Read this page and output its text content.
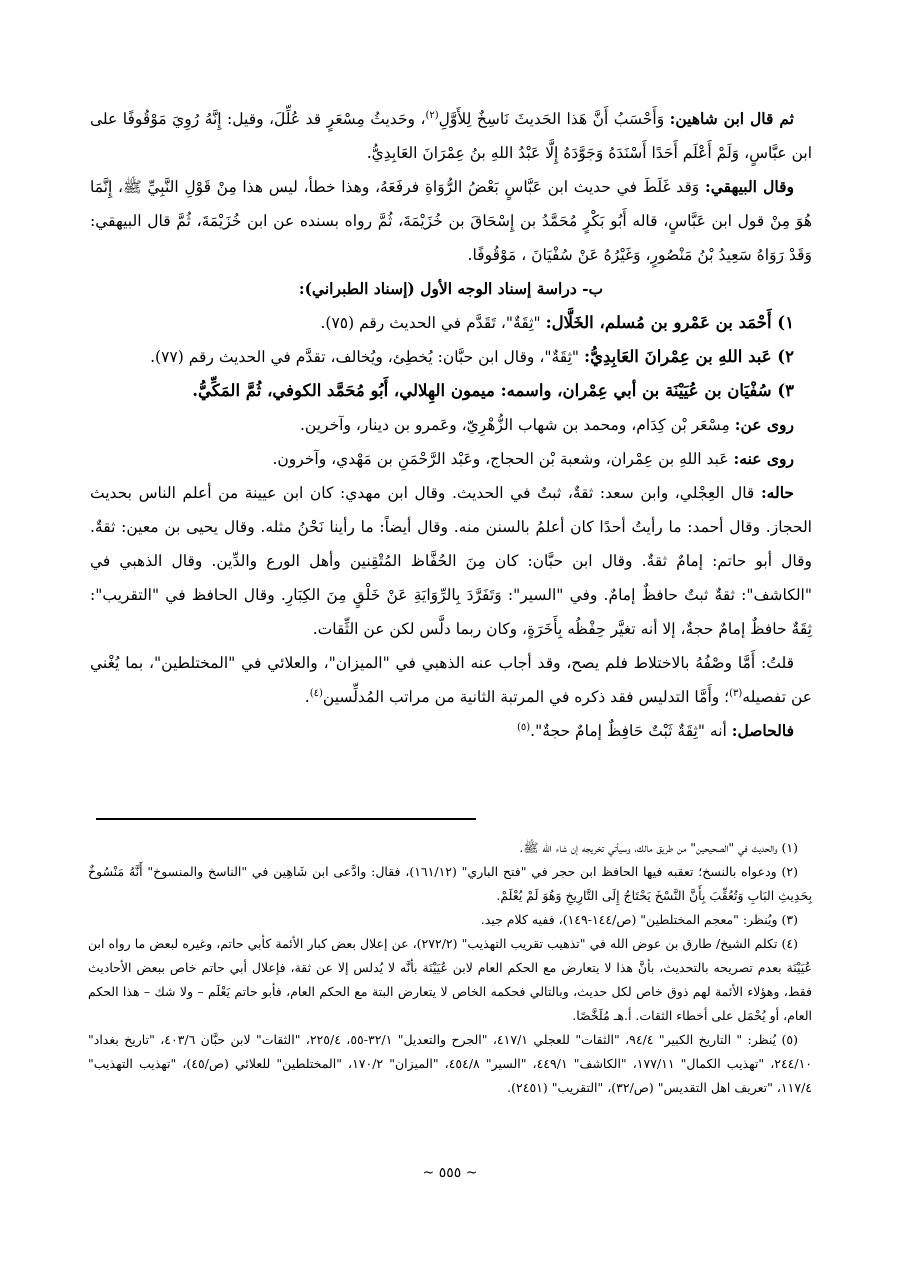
ثم قال ابن شاهين: وَأَحْسَبُ أَنَّ هَذا الحَديثَ نَاسِخٌ لِلأَوَّلِ$^{(٢)}$، وحَديثُ مِسْعَرٍ قد عُلِّلَ، وقيل: إِنَّهُ رُوِيَ مَوْقُوفًا على ابن عبَّاسٍ، وَلَمْ أَعْلَم أَحَدًا أَسْنَدَهُ وَجَوَّدَهُ إِلَّا عَبْدُ اللهِ بنُ عِمْرَانَ العَابِدِيُّ.

وقال البيهقي: وَقد غَلَطَ في حديث ابن عَبَّاسٍ بَعْضُ الرُّوَاةِ فرفَعَهُ، وهذا خطأ، ليس هذا مِنْ قَوْلِ النَّبِيِّ ﷺ، إِنَّمَا هُوَ مِنْ قول ابن عَبَّاسٍ، قاله أَبُو بَكْرٍ مُحَمَّدُ بن إِسْحَاقَ بن خُزَيْمَةَ، ثُمَّ رواه بسنده عن ابن خُزَيْمَةَ، ثُمَّ قال البيهقي: وَقَدْ رَوَاهُ سَعِيدُ بْنُ مَنْصُورٍ، وَغَيْرُهُ عَنْ سُفْيَانَ ، مَوْقُوفًا.

ب- دراسة إسناد الوجه الأول (إسناد الطبراني):

١) أَحْمَد بن عَمْرو بن مُسلم، الخَلَّال: "ثِقَةٌ"، تَقَدَّم في الحديث رقم (٧٥).

٢) عَبد اللهِ بن عِمْرانَ العَابِدِيُّ: "ثِقَةٌ"، وقال ابن حبَّان: يُخطِئ، ويُخالف، تقدَّم في الحديث رقم (٧٧).

٣) سُفْيَان بن عُيَيْنَة بن أبي عِمْران، واسمه: ميمون الهِلالي، أَبُو مُحَمَّد الكوفي، ثُمَّ المَكِّيُّ.

روى عن: مِسْعَر بْن كِدَام، ومحمد بن شهاب الزُّهْرِيّ، وعَمرو بن دينار، وآخرين.

روى عنه: عَبد اللهِ بن عِمْران، وشعبة بْن الحجاج، وعَبْد الرَّحْمَنِ بن مَهْدي، وآخرون.

حاله: قال العِجْلي، وابن سعد: ثقةٌ، ثبتٌ في الحديث. وقال ابن مهدي: كان ابن عيينة من أعلم الناس بحديث الحجاز. وقال أحمد: ما رأيتُ أحدًا كان أعلمُ بالسنن منه. وقال أيضاً: ما رأينا نَحْنُ مثله. وقال يحيى بن معين: ثقةٌ. وقال أبو حاتم: إمامٌ ثقةٌ. وقال ابن حبَّان: كان مِنَ الحُفَّاظ المُتْقِنين وأهل الورع والدِّين. وقال الذهبي في "الكاشف": ثقةٌ ثبتٌ حافظٌ إمامٌ. وفي "السير": وَتَفَرَّدَ بِالرِّوَايَةِ عَنْ خَلْقٍ مِنَ الكِبَارِ. وقال الحافظ في "التقريب": ثِقَةٌ حافظٌ إمامٌ حجةٌ، إلا أنه تغيَّر حِفْظُه بِأَخَرَةٍ، وكان ربما دلَّس لكن عن الثِّقات.

قلتُ: أَمَّا وصْفُهُ بالاختلاط فلم يصح، وقد أجاب عنه الذهبي في "الميزان"، والعلائي في "المختلطين"، بما يُغْني عن تفصيله$^{(٣)}$؛ وأَمَّا التدليس فقد ذكره في المرتبة الثانية من مراتب المُدلِّسين$^{(٤)}$.

فالحاصل: أنه "ثِقَةٌ ثَبْتٌ حَافِظٌ إمامٌ حجةٌ".$^{(٥)}$

(١) والحديث في "الصحيحين" من طريق مالك، وسيأتي تخريجه إن شاء الله ﷺ.

(٢) ودعواه بالنسخ؛ تعقبه فيها الحافظ ابن حجر في "فتح الباري" (١٦١/١٢)، فقال: وادَّعى ابن شَاهِين في "الناسخ والمنسوخ" أَنَّهُ مَنْسُوخٌ بِحَدِيثِ البَابِ وَتُعُقِّبَ بِأَنَّ النَّسْخَ يَحْتَاجُ إِلَى التَّارِيخِ وَهُوَ لَمْ يُعْلَمْ.

(٣) ويُنظر: "معجم المختلطين" (ص/١٤٤-١٤٩)، ففيه كلام جيد.

(٤) تكلم الشيخ/ طارق بن عوض الله في "تذهيب تقريب التهذيب" (٢٧٢/٢)، عن إعلال بعض كبار الأئمة كأبي حاتم، وغيره لبعض ما رواه ابن عُيَيْنَة بعدم تصريحه بالتحديث، بأنَّ هذا لا يتعارض مع الحكم العام لابن عُيَيْنَة بأنَّه لا يُدلس إلا عن ثقة، فإعلال أبي حاتم خاص ببعض الأحاديث فقط، وهؤلاء الأئمة لهم ذوق خاص لكل حديث، وبالتالي فحكمه الخاص لا يتعارض البتة مع الحكم العام، فأبو حاتم يَعْلَم – ولا شك – هذا الحكم العام، أو يُحْمَل على أخطاء الثقات. أ.هـ مُلَخَّصًا.

(٥) يُنظر: " التاريخ الكبير" ٩٤/٤، "الثقات" للعجلي ٤١٧/١، "الجرح والتعديل" ٣٢/١-٥٥، ٢٢٥/٤، "الثقات" لابن حبَّان ٤٠٣/٦، "تاريخ بغداد" ٢٤٤/١٠، "تهذيب الكمال" ١٧٧/١١، "الكاشف" ٤٤٩/١، "السير" ٤٥٤/٨، "الميزان" ١٧٠/٢، "المختلطين" للعلائي (ص/٤٥)، "تهذيب التهذيب" ١١٧/٤، "تعريف اهل التقديس" (ص/٣٢)، "التقريب" (٢٤٥١).

~ ٥٥٥ ~
